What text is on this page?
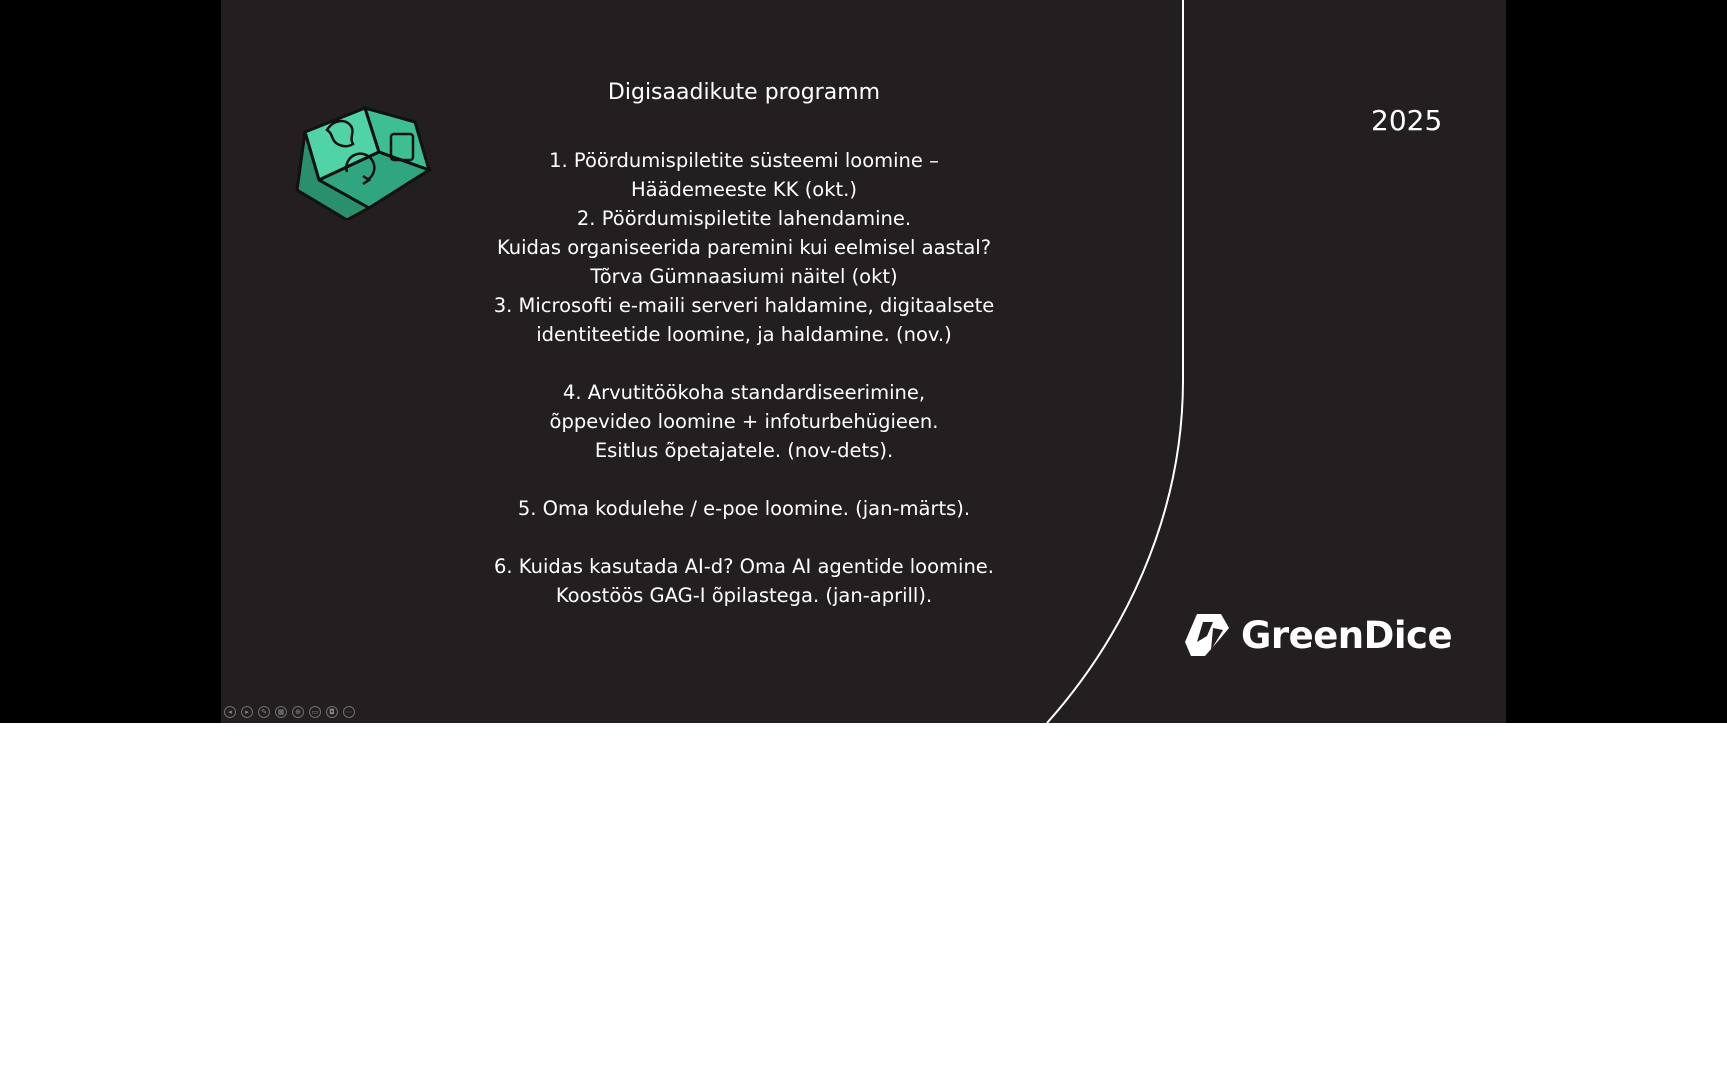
Digisaadikute programm
1. Pöördumispiletite süsteemi loomine –
Häädemeeste KK (okt.)
2. Pöördumispiletite lahendamine.
Kuidas organiseerida paremini kui eelmisel aastal?
Tõrva Gümnaasiumi näitel (okt)
3. Microsofti e-maili serveri haldamine, digitaalsete
identiteetide loomine, ja haldamine. (nov.)
4. Arvutitöökoha standardiseerimine,
õppevideo loomine + infoturbehügieen.
Esitlus õpetajatele. (nov-dets).
5. Oma kodulehe / e-poe loomine. (jan-märts).
6. Kuidas kasutada AI-d? Oma AI agentide loomine.
Koostöös GAG-I õpilastega. (jan-aprill).
2025
GreenDice
◂	▸	✎	▦	⊕	▭	◘	⋯
